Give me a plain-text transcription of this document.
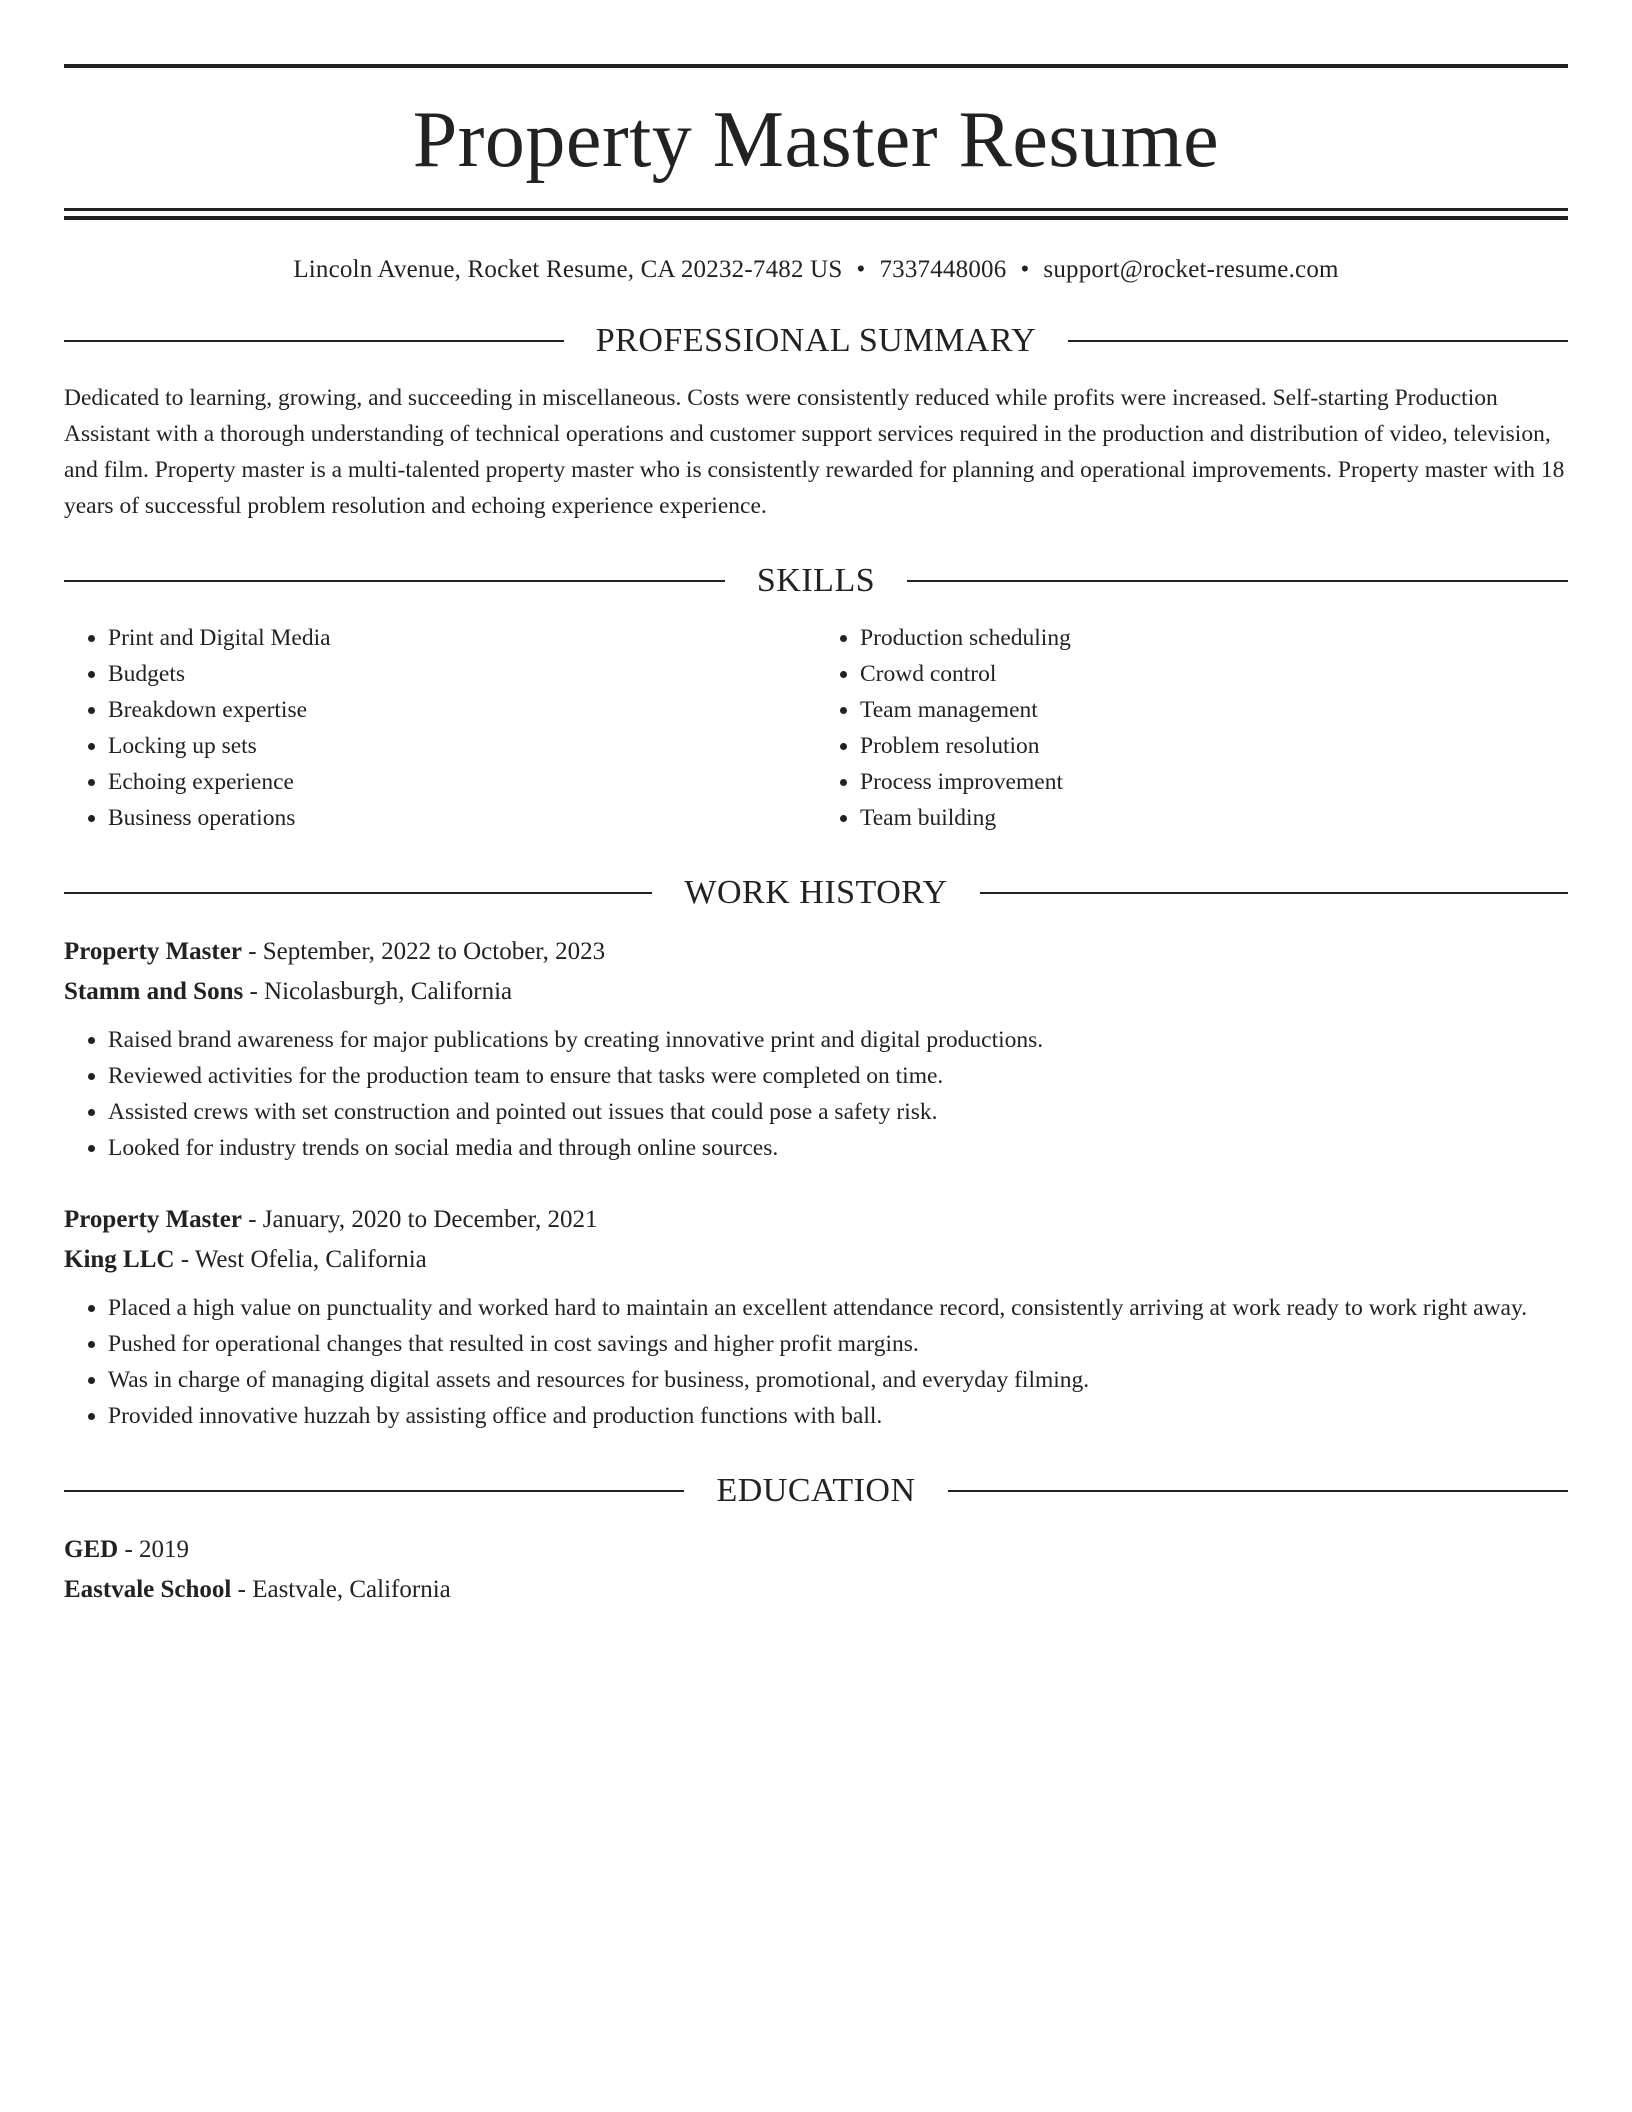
Property Master Resume
Lincoln Avenue, Rocket Resume, CA 20232-7482 US • 7337448006 • support@rocket-resume.com
PROFESSIONAL SUMMARY

Dedicated to learning, growing, and succeeding in miscellaneous. Costs were consistently reduced while profits were increased. Self-starting Production Assistant with a thorough understanding of technical operations and customer support services required in the production and distribution of video, television, and film. Property master is a multi-talented property master who is consistently rewarded for planning and operational improvements. Property master with 18 years of successful problem resolution and echoing experience experience.

SKILLS
• Print and Digital Media
• Budgets
• Breakdown expertise
• Locking up sets
• Echoing experience
• Business operations
• Production scheduling
• Crowd control
• Team management
• Problem resolution
• Process improvement
• Team building
WORK HISTORY
Property Master - September, 2022 to October, 2023
Stamm and Sons - Nicolasburgh, California
• Raised brand awareness for major publications by creating innovative print and digital productions.
• Reviewed activities for the production team to ensure that tasks were completed on time.
• Assisted crews with set construction and pointed out issues that could pose a safety risk.
• Looked for industry trends on social media and through online sources.
Property Master - January, 2020 to December, 2021
King LLC - West Ofelia, California
• Placed a high value on punctuality and worked hard to maintain an excellent attendance record, consistently arriving at work ready to work right away.
• Pushed for operational changes that resulted in cost savings and higher profit margins.
• Was in charge of managing digital assets and resources for business, promotional, and everyday filming.
• Provided innovative huzzah by assisting office and production functions with ball.
EDUCATION
GED - 2019
Eastvale School - Eastvale, California
